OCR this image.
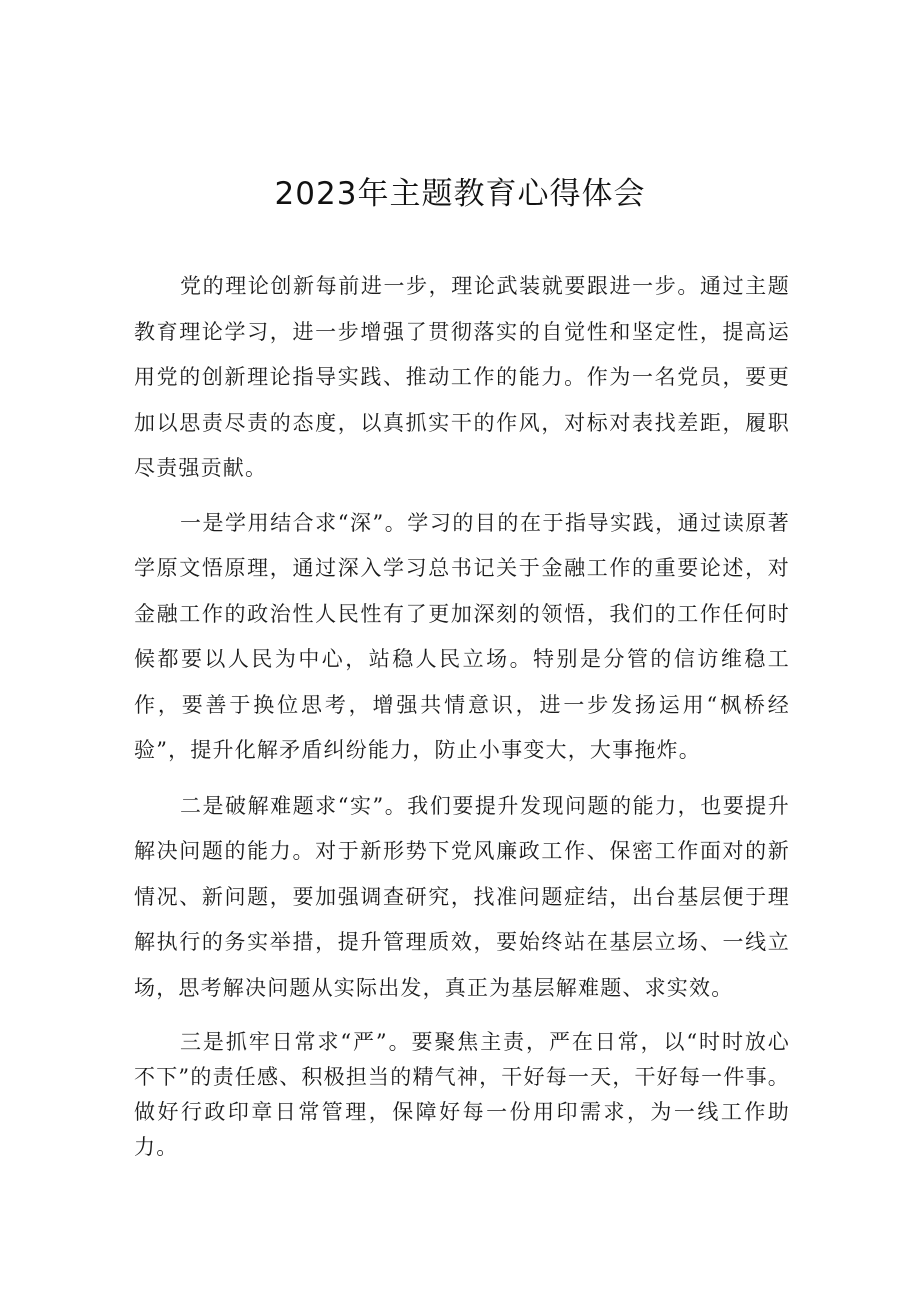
2023年主题教育心得体会

党的理论创新每前进一步，理论武装就要跟进一步。通过主题教育理论学习，进一步增强了贯彻落实的自觉性和坚定性，提高运用党的创新理论指导实践、推动工作的能力。作为一名党员，要更加以思责尽责的态度，以真抓实干的作风，对标对表找差距，履职尽责强贡献。

一是学用结合求“深”。学习的目的在于指导实践，通过读原著学原文悟原理，通过深入学习总书记关于金融工作的重要论述，对金融工作的政治性人民性有了更加深刻的领悟，我们的工作任何时候都要以人民为中心，站稳人民立场。特别是分管的信访维稳工作，要善于换位思考，增强共情意识，进一步发扬运用“枫桥经验”，提升化解矛盾纠纷能力，防止小事变大，大事拖炸。

二是破解难题求“实”。我们要提升发现问题的能力，也要提升解决问题的能力。对于新形势下党风廉政工作、保密工作面对的新情况、新问题，要加强调查研究，找准问题症结，出台基层便于理解执行的务实举措，提升管理质效，要始终站在基层立场、一线立场，思考解决问题从实际出发，真正为基层解难题、求实效。

三是抓牢日常求“严”。要聚焦主责，严在日常，以“时时放心不下”的责任感、积极担当的精气神，干好每一天，干好每一件事。做好行政印章日常管理，保障好每一份用印需求，为一线工作助力。
